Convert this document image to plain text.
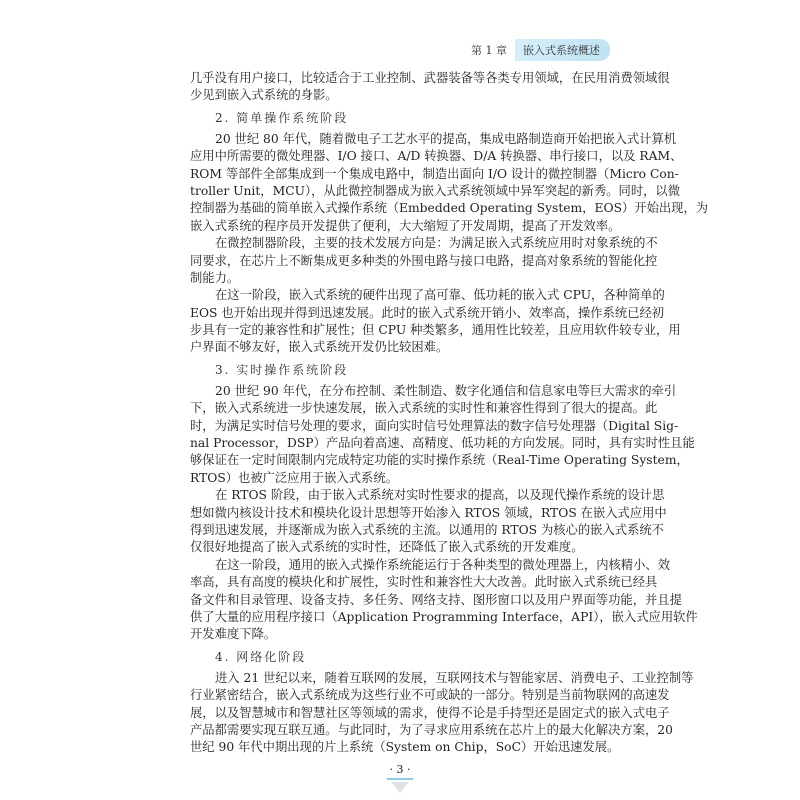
第 1 章	嵌入式系统概述
几乎没有用户接口，比较适合于工业控制、武器装备等各类专用领域，在民用消费领域很
少见到嵌入式系统的身影。
2. 简单操作系统阶段
20 世纪 80 年代，随着微电子工艺水平的提高，集成电路制造商开始把嵌入式计算机
应用中所需要的微处理器、I/O 接口、A/D 转换器、D/A 转换器、串行接口，以及 RAM、
ROM 等部件全部集成到一个集成电路中，制造出面向 I/O 设计的微控制器（Micro Con-
troller Unit，MCU），从此微控制器成为嵌入式系统领域中异军突起的新秀。同时，以微
控制器为基础的简单嵌入式操作系统（Embedded Operating System，EOS）开始出现，为
嵌入式系统的程序员开发提供了便利，大大缩短了开发周期，提高了开发效率。
在微控制器阶段，主要的技术发展方向是：为满足嵌入式系统应用时对象系统的不
同要求，在芯片上不断集成更多种类的外围电路与接口电路，提高对象系统的智能化控
制能力。
在这一阶段，嵌入式系统的硬件出现了高可靠、低功耗的嵌入式 CPU，各种简单的
EOS 也开始出现并得到迅速发展。此时的嵌入式系统开销小、效率高，操作系统已经初
步具有一定的兼容性和扩展性；但 CPU 种类繁多，通用性比较差，且应用软件较专业，用
户界面不够友好，嵌入式系统开发仍比较困难。
3. 实时操作系统阶段
20 世纪 90 年代，在分布控制、柔性制造、数字化通信和信息家电等巨大需求的牵引
下，嵌入式系统进一步快速发展，嵌入式系统的实时性和兼容性得到了很大的提高。此
时，为满足实时信号处理的要求，面向实时信号处理算法的数字信号处理器（Digital Sig-
nal Processor，DSP）产品向着高速、高精度、低功耗的方向发展。同时，具有实时性且能
够保证在一定时间限制内完成特定功能的实时操作系统（Real-Time Operating System，
RTOS）也被广泛应用于嵌入式系统。
在 RTOS 阶段，由于嵌入式系统对实时性要求的提高，以及现代操作系统的设计思
想如微内核设计技术和模块化设计思想等开始渗入 RTOS 领域，RTOS 在嵌入式应用中
得到迅速发展，并逐渐成为嵌入式系统的主流。以通用的 RTOS 为核心的嵌入式系统不
仅很好地提高了嵌入式系统的实时性，还降低了嵌入式系统的开发难度。
在这一阶段，通用的嵌入式操作系统能运行于各种类型的微处理器上，内核精小、效
率高，具有高度的模块化和扩展性，实时性和兼容性大大改善。此时嵌入式系统已经具
备文件和目录管理、设备支持、多任务、网络支持、图形窗口以及用户界面等功能，并且提
供了大量的应用程序接口（Application Programming Interface，API），嵌入式应用软件
开发难度下降。
4. 网络化阶段
进入 21 世纪以来，随着互联网的发展，互联网技术与智能家居、消费电子、工业控制等
行业紧密结合，嵌入式系统成为这些行业不可或缺的一部分。特别是当前物联网的高速发
展，以及智慧城市和智慧社区等领域的需求，使得不论是手持型还是固定式的嵌入式电子
产品都需要实现互联互通。与此同时，为了寻求应用系统在芯片上的最大化解决方案，20
世纪 90 年代中期出现的片上系统（System on Chip，SoC）开始迅速发展。
· 3 ·
